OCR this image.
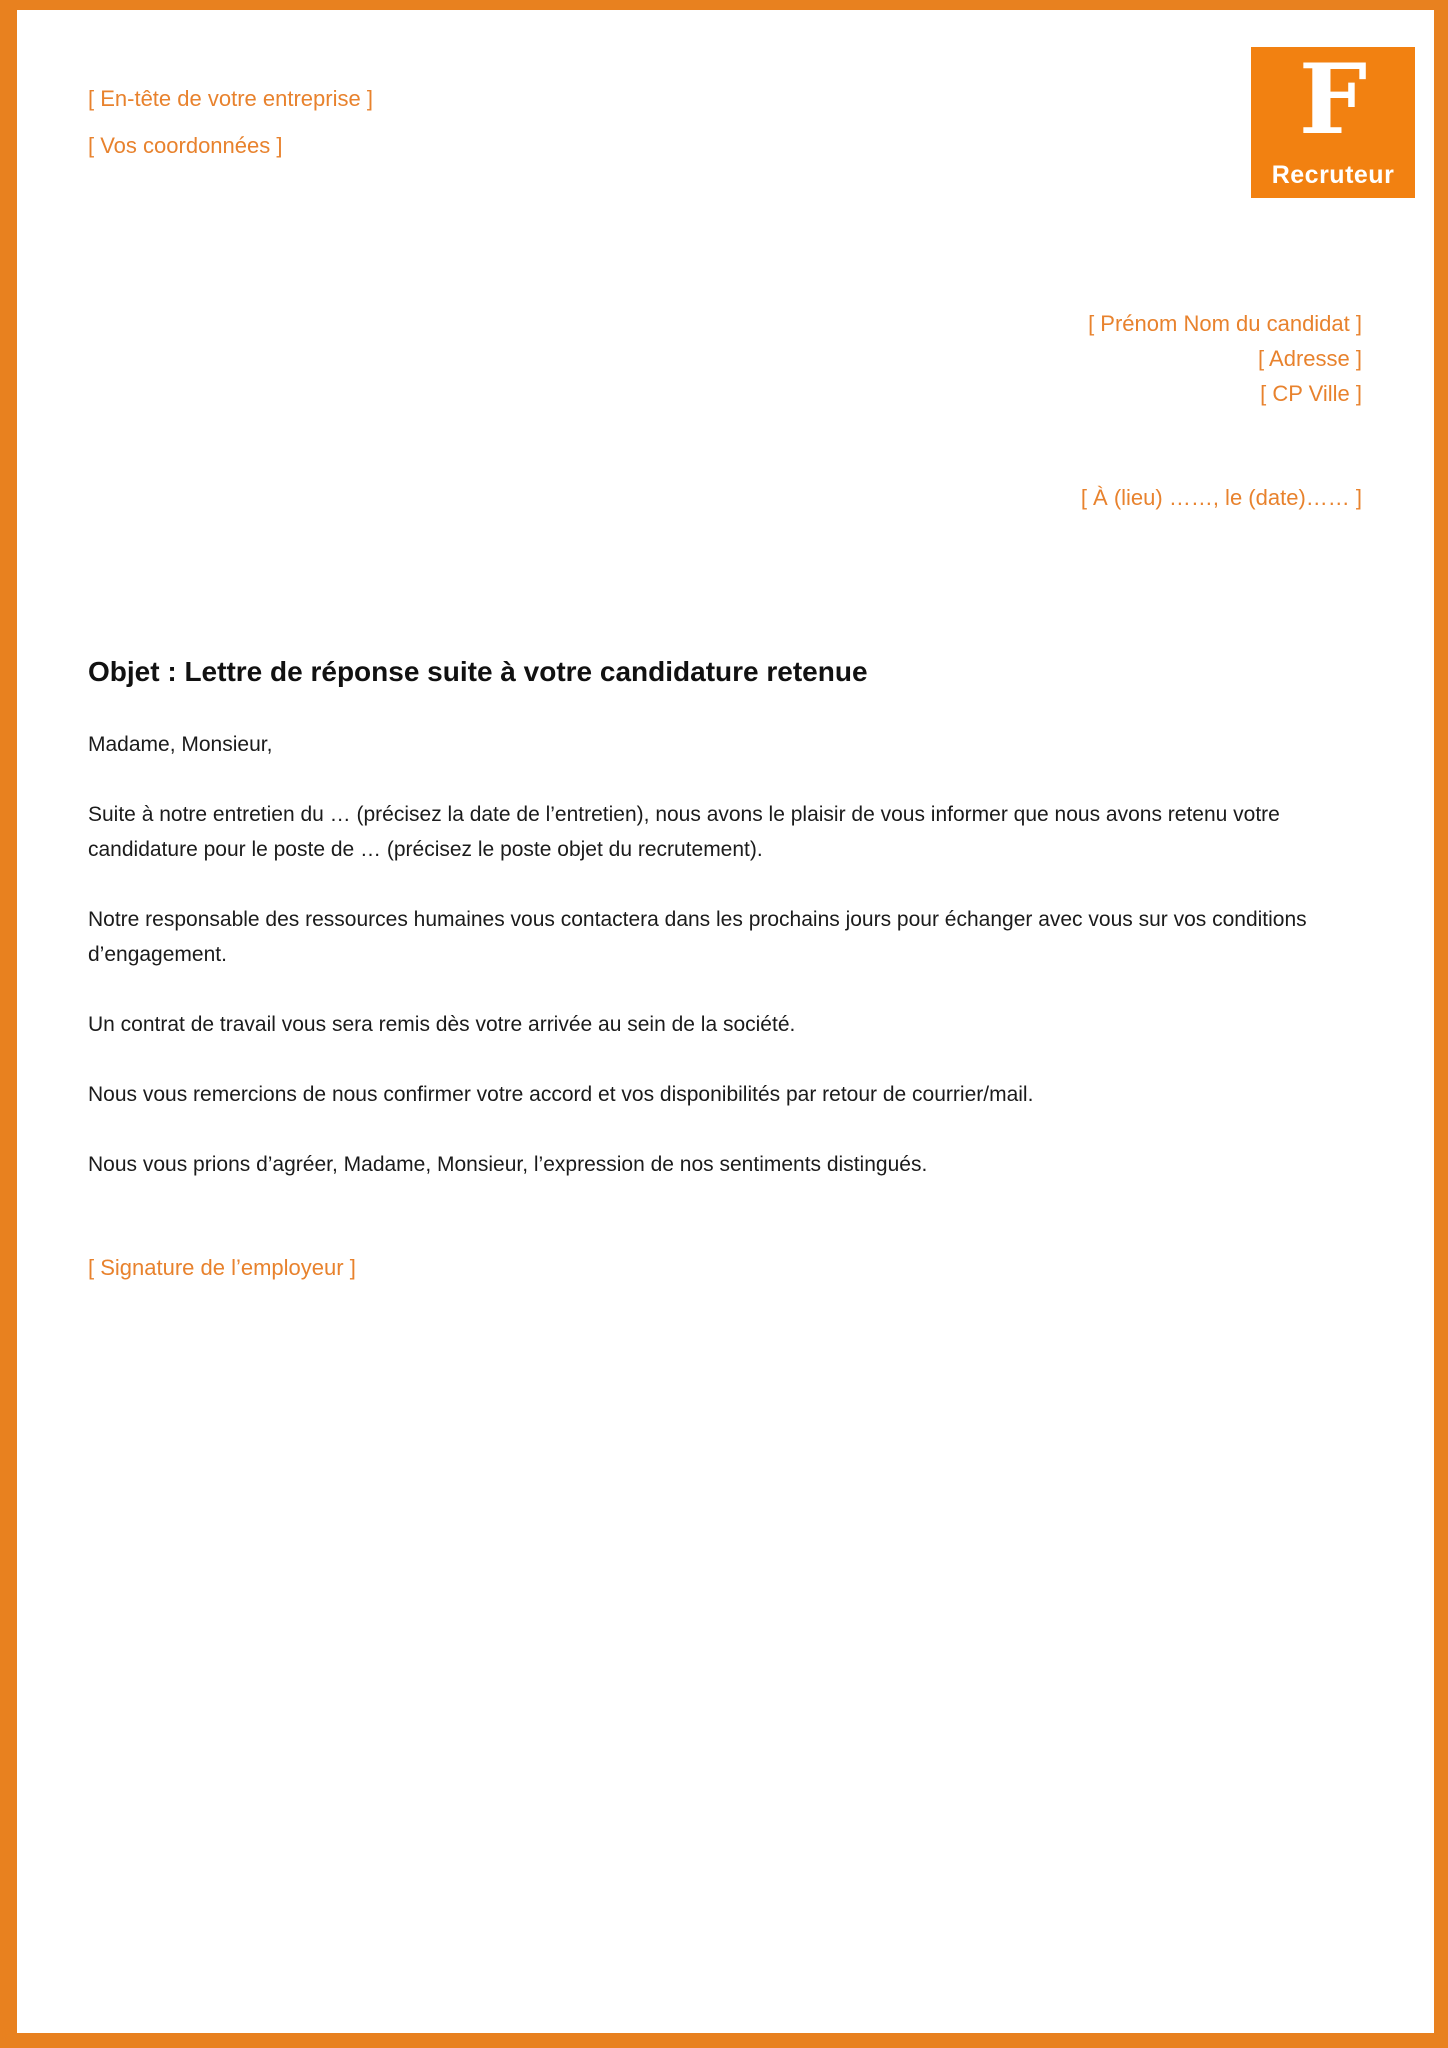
[ En-tête de votre entreprise ]

[ Vos coordonnées ]	F
Recruteur

[ Prénom Nom du candidat ]

[ Adresse ]

[ CP Ville ]

[ À (lieu) ……, le (date)…… ]
Objet : Lettre de réponse suite à votre candidature retenue

Madame, Monsieur,

Suite à notre entretien du … (précisez la date de l’entretien), nous avons le plaisir de vous informer que nous avons retenu votre candidature pour le poste de … (précisez le poste objet du recrutement).

Notre responsable des ressources humaines vous contactera dans les prochains jours pour échanger avec vous sur vos conditions d’engagement.

Un contrat de travail vous sera remis dès votre arrivée au sein de la société.

Nous vous remercions de nous confirmer votre accord et vos disponibilités par retour de courrier/mail.

Nous vous prions d’agréer, Madame, Monsieur, l’expression de nos sentiments distingués.

[ Signature de l’employeur ]
